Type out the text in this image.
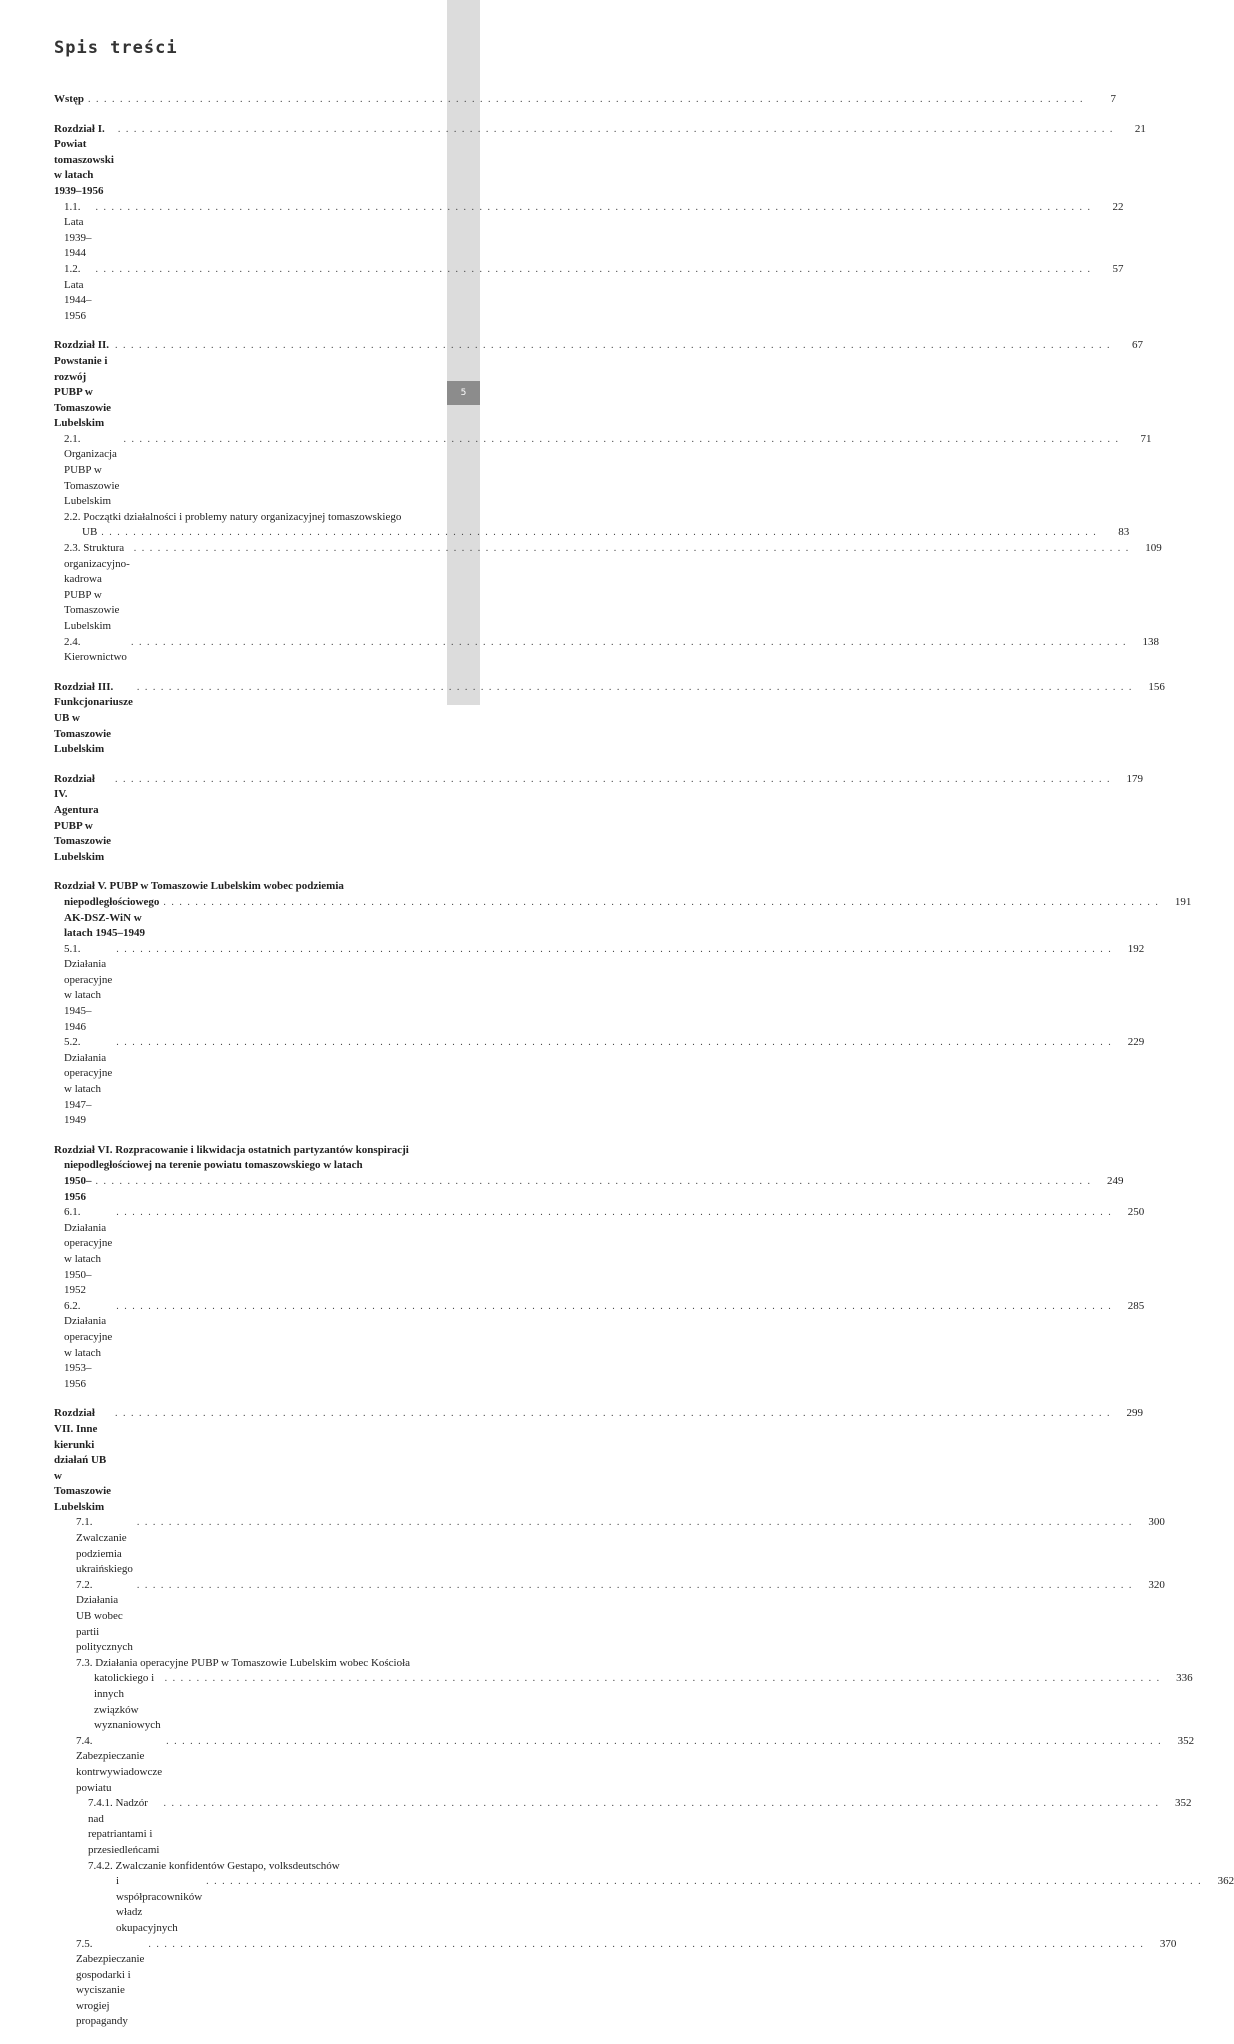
5
Spis treści
Wstęp . . .	7
Rozdział I. Powiat tomaszowski w latach 1939–1956
. . .
21
1.1. Lata 1939–1944
. . .
22
1.2. Lata 1944–1956
. . .
57
Rozdział II. Powstanie i rozwój PUBP w Tomaszowie Lubelskim
. . .
67
2.1. Organizacja PUBP w Tomaszowie Lubelskim
. . .
71
2.2. Początki działalności i problemy natury organizacyjnej tomaszowskiego
UB . . .	83
2.3. Struktura organizacyjno-kadrowa PUBP w Tomaszowie Lubelskim
. . .
109
2.4. Kierownictwo
. . .
138
Rozdział III. Funkcjonariusze UB w Tomaszowie Lubelskim
. . .
156
Rozdział IV. Agentura PUBP w Tomaszowie Lubelskim
. . .
179
Rozdział V. PUBP w Tomaszowie Lubelskim wobec podziemia
niepodległościowego AK-DSZ-WiN w latach 1945–1949
. . .
191
5.1. Działania operacyjne w latach 1945–1946
. . .
192
5.2. Działania operacyjne w latach 1947–1949
. . .
229
Rozdział VI. Rozpracowanie i likwidacja ostatnich partyzantów konspiracji
niepodległościowej na terenie powiatu tomaszowskiego w latach
1950–1956
. . .
249
6.1. Działania operacyjne w latach 1950–1952
. . .
250
6.2. Działania operacyjne w latach 1953–1956
. . .
285
Rozdział VII. Inne kierunki działań UB w Tomaszowie Lubelskim
. . .
299
7.1. Zwalczanie podziemia ukraińskiego
. . .
300
7.2. Działania UB wobec partii politycznych
. . .
320
7.3. Działania operacyjne PUBP w Tomaszowie Lubelskim wobec Kościoła
katolickiego i innych związków wyznaniowych
. . .
336
7.4. Zabezpieczanie kontrwywiadowcze powiatu
. . .
352
7.4.1. Nadzór nad repatriantami i przesiedleńcami
. . .
352
7.4.2. Zwalczanie konfidentów Gestapo, volksdeutschów
i współpracowników władz okupacyjnych
. . .
362
7.5. Zabezpieczanie gospodarki i wyciszanie wrogiej propagandy
. . .
370
